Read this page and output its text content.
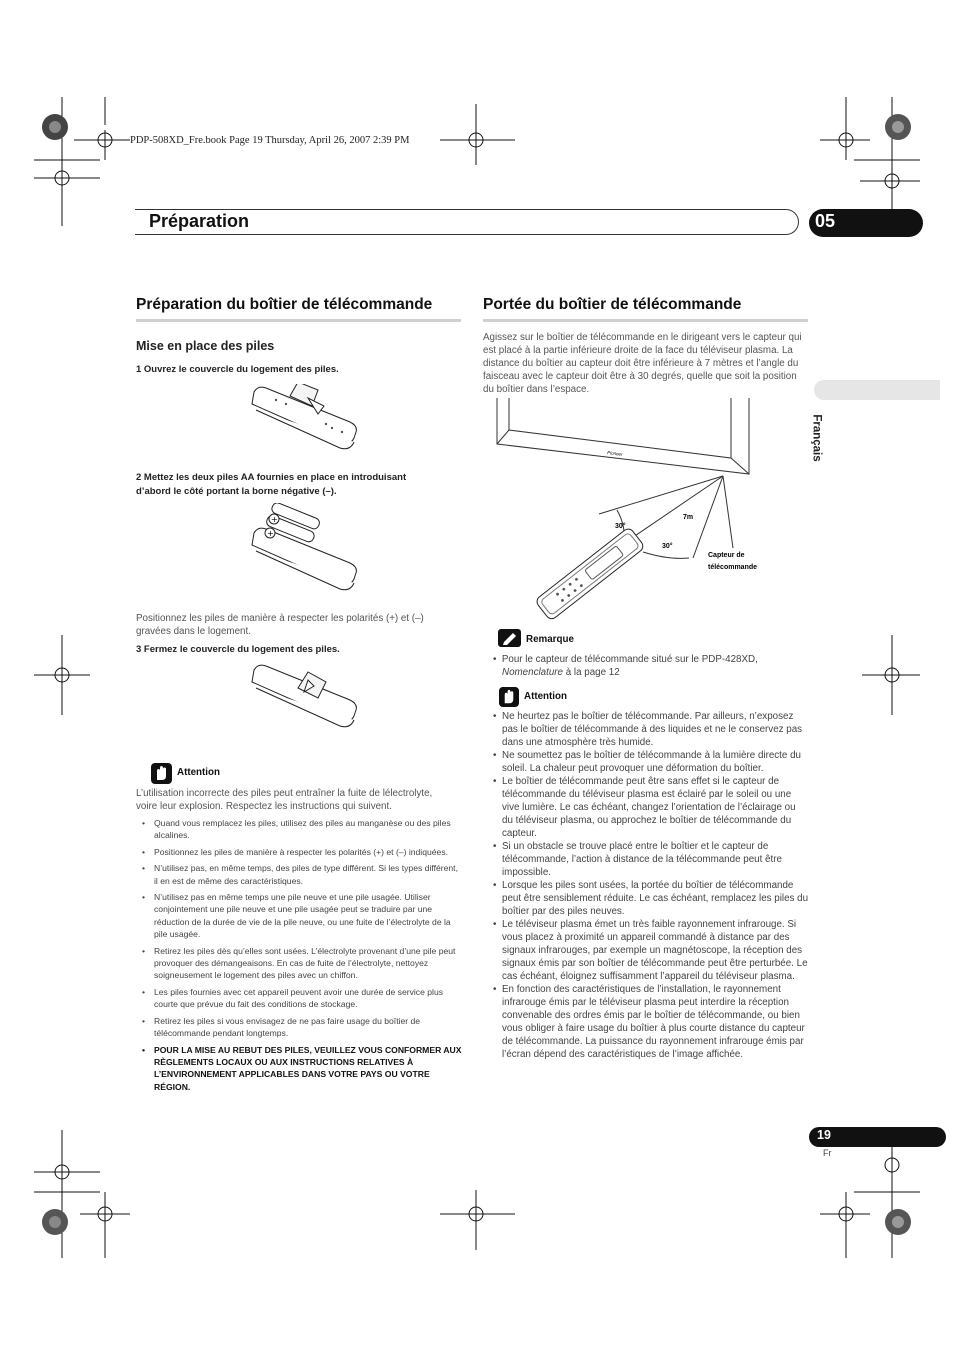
PDP-508XD_Fre.book Page 19 Thursday, April 26, 2007 2:39 PM
Préparation	05
Français
Préparation du boîtier de télécommande
Mise en place des piles
1 Ouvrez le couvercle du logement des piles.
2 Mettez les deux piles AA fournies en place en introduisant
d’abord le côté portant la borne négative (–).
+
+
Positionnez les piles de manière à respecter les polarités (+) et (–)
gravées dans le logement.
3 Fermez le couvercle du logement des piles.
Attention
L’utilisation incorrecte des piles peut entraîner la fuite de lélectrolyte,
voire leur explosion. Respectez les instructions qui suivent.
• Quand vous remplacez les piles, utilisez des piles au manganèse ou des piles alcalines.
• Positionnez les piles de manière à respecter les polarités (+) et (–) indiquées.
• N’utilisez pas, en même temps, des piles de type différent. Si les types différent, il en est de même des caractéristiques.
• N’utilisez pas en même temps une pile neuve et une pile usagée. Utiliser conjointement une pile neuve et une pile usagée peut se traduire par une réduction de la durée de vie de la pile neuve, ou une fuite de l’électrolyte de la pile usagée.
• Retirez les piles dès qu’elles sont usées. L’électrolyte provenant d’une pile peut provoquer des démangeaisons. En cas de fuite de l’électrolyte, nettoyez soigneusement le logement des piles avec un chiffon.
• Les piles fournies avec cet appareil peuvent avoir une durée de service plus courte que prévue du fait des conditions de stockage.
• Retirez les piles si vous envisagez de ne pas faire usage du boîtier de télécommande pendant longtemps.
• POUR LA MISE AU REBUT DES PILES, VEUILLEZ VOUS CONFORMER AUX RÈGLEMENTS LOCAUX OU AUX INSTRUCTIONS RELATIVES À L’ENVIRONNEMENT APPLICABLES DANS VOTRE PAYS OU VOTRE RÉGION.
Portée du boîtier de télécommande
Agissez sur le boîtier de télécommande en le dirigeant vers le capteur qui est placé à la partie inférieure droite de la face du téléviseur plasma. La distance du boîtier au capteur doit être inférieure à 7 mètres et l’angle du faisceau avec le capteur doit être à 30 degrés, quelle que soit la position du boîtier dans l’espace.
30°
30°
7m
Capteur de
télécommande
Pioneer
Remarque
•  Pour le capteur de télécommande situé sur le PDP-428XD,
Nomenclature à la page 12
Attention
• Ne heurtez pas le boîtier de télécommande. Par ailleurs, n’exposez pas le boîtier de télécommande à des liquides et ne le conservez pas dans une atmosphère très humide.
• Ne soumettez pas le boîtier de télécommande à la lumière directe du soleil. La chaleur peut provoquer une déformation du boîtier.
• Le boîtier de télécommande peut être sans effet si le capteur de télécommande du téléviseur plasma est éclairé par le soleil ou une vive lumière. Le cas échéant, changez l’orientation de l’éclairage ou du téléviseur plasma, ou approchez le boîtier de télécommande du capteur.
• Si un obstacle se trouve placé entre le boîtier et le capteur de télécommande, l’action à distance de la télécommande peut être impossible.
• Lorsque les piles sont usées, la portée du boîtier de télécommande peut être sensiblement réduite. Le cas échéant, remplacez les piles du boîtier par des piles neuves.
• Le téléviseur plasma émet un très faible rayonnement infrarouge. Si vous placez à proximité un appareil commandé à distance par des signaux infrarouges, par exemple un magnétoscope, la réception des signaux émis par son boîtier de télécommande peut être perturbée. Le cas échéant, éloignez suffisamment l’appareil du téléviseur plasma.
• En fonction des caractéristiques de l’installation, le rayonnement infrarouge émis par le téléviseur plasma peut interdire la réception convenable des ordres émis par le boîtier de télécommande, ou bien vous obliger à faire usage du boîtier à plus courte distance du capteur de télécommande. La puissance du rayonnement infrarouge émis par l’écran dépend des caractéristiques de l’image affichée.
19
Fr
